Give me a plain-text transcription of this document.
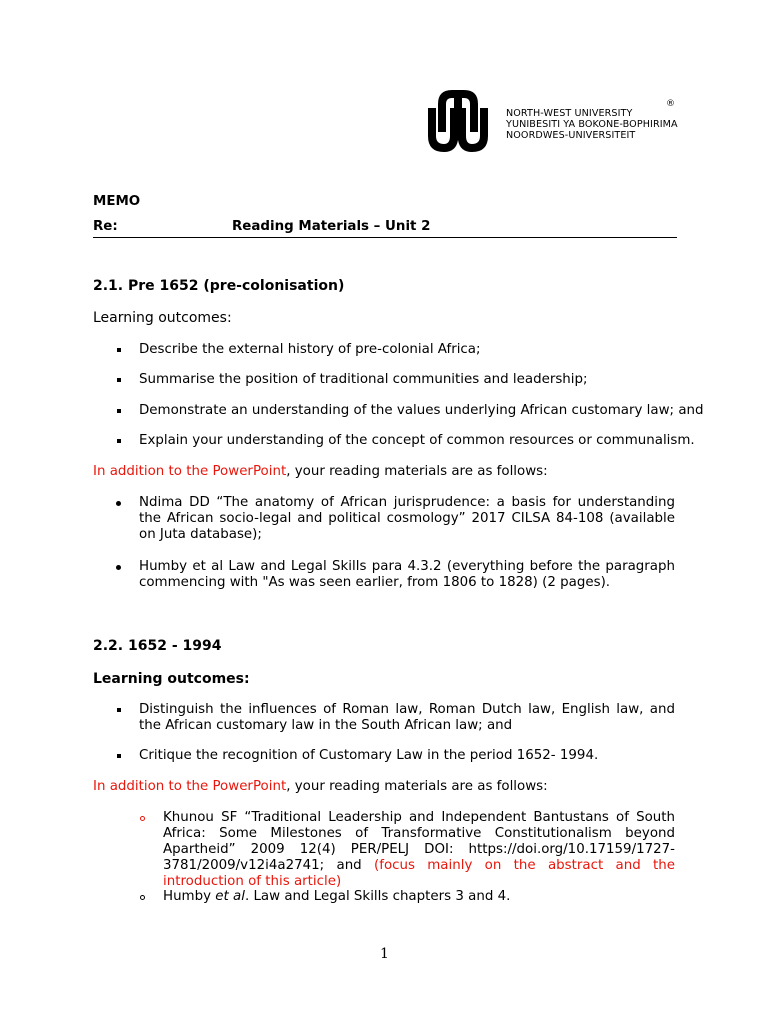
NORTH-WEST UNIVERSITY
YUNIBESITI YA BOKONE-BOPHIRIMA
NOORDWES-UNIVERSITEIT
®
MEMO
Re:	Reading Materials – Unit 2
2.1. Pre 1652 (pre-colonisation)
Learning outcomes:
Describe the external history of pre-colonial Africa;
Summarise the position of traditional communities and leadership;
Demonstrate an understanding of the values underlying African customary law; and
Explain your understanding of the concept of common resources or communalism.
In addition to the PowerPoint, your reading materials are as follows:
Ndima DD “The anatomy of African jurisprudence: a basis for understanding the African socio-legal and political cosmology” 2017 CILSA 84-108 (available on Juta database);
Humby et al Law and Legal Skills para 4.3.2 (everything before the paragraph commencing with "As was seen earlier, from 1806 to 1828) (2 pages).
2.2. 1652 - 1994
Learning outcomes:
Distinguish the influences of Roman law, Roman Dutch law, English law, and the African customary law in the South African law; and
Critique the recognition of Customary Law in the period 1652- 1994.
In addition to the PowerPoint, your reading materials are as follows:
Khunou SF “Traditional Leadership and Independent Bantustans of South Africa: Some Milestones of Transformative Constitutionalism beyond Apartheid” 2009 12(4) PER/PELJ DOI: https://doi.org/10.17159/1727-3781/2009/v12i4a2741; and (focus mainly on the abstract and the introduction of this article)
Humby et al. Law and Legal Skills chapters 3 and 4.
1
